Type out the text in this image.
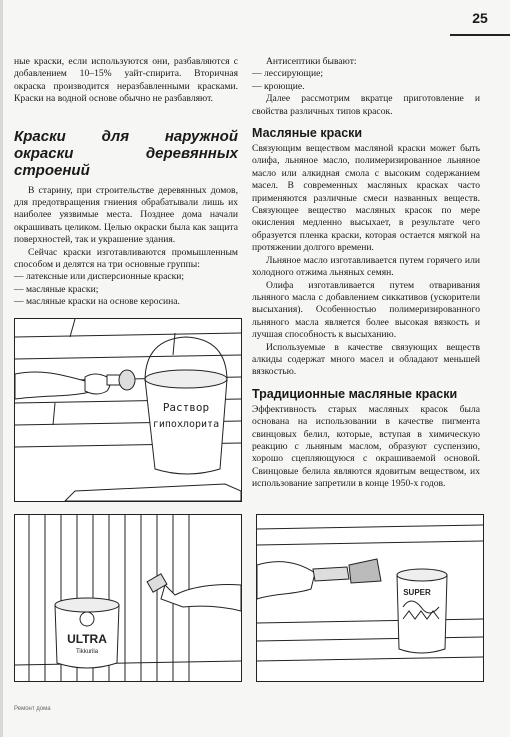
25

ные краски, если используются они, разбавляются с добавлением 10–15% уайт-спирита. Вторичная окраска производится неразбавленными красками. Краски на водной основе обычно не разбавляют.

Краски для наружной окраски деревянных строений

В старину, при строительстве деревянных домов, для предотвращения гниения обрабатывали лишь их наиболее уязвимые места. Позднее дома начали окрашивать целиком. Целью окраски была как защита поверхностей, так и украшение здания.

Сейчас краски изготавливаются промышленным способом и делятся на три основные группы:

— латексные или дисперсионные краски;

— масляные краски;

— масляные краски на основе керосина.

Антисептики бывают:

— лессирующие;

— кроющие.

Далее рассмотрим вкратце приготовление и свойства различных типов красок.

Масляные краски

Связующим веществом масляной краски может быть олифа, льняное масло, полимеризированное льняное масло или алкидная смола с высоким содержанием масел. В современных масляных красках часто применяются различные смеси названных веществ. Связующее вещество масляных красок по мере окисления медленно высыхает, в результате чего образуется пленка краски, которая остается мягкой на протяжении долгого времени.

Льняное масло изготавливается путем горячего или холодного отжима льняных семян.

Олифа изготавливается путем отваривания льняного масла с добавлением сиккативов (ускорители высыхания). Особенностью полимеризированного льняного масла является более высокая вязкость и лучшая способность к высыханию.

Используемые в качестве связующих веществ алкиды содержат много масел и обладают меньшей вязкостью.

Традиционные масляные краски

Эффективность старых масляных красок была основана на использовании в качестве пигмента свинцовых белил, которые, вступая в химическую реакцию с льняным маслом, образуют суспензию, хорошо сцепляющуюся с окрашиваемой основой. Свинцовые белила являются ядовитым веществом, их использование запретили в конце 1950-х годов.

Раствор
гипохлорита
ULTRA
Tikkurila
SUPER
Ремонт дома
